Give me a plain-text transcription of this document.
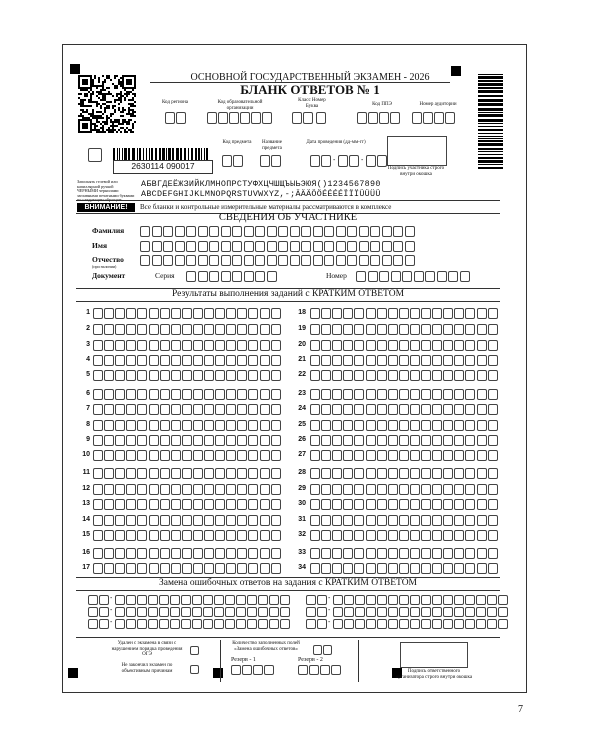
2630114 090017
ОСНОВНОЙ ГОСУДАРСТВЕННЫЙ ЭКЗАМЕН - 2026
БЛАНК ОТВЕТОВ № 1
Код региона	Код образовательной организации
Класс Номер Буква	Код ППЭ	Номер аудитории
-	-
Код предмета	Название предмета
Дата проведения (дд-мм-гг)
Подпись участника строго внутри окошка
Заполнять гелевой или капиллярной ручкой ЧЕРНЫМИ чернилами заглавными печатными буквами по следующим образцам:
АБВГДЕЁЖЗИЙКЛМНОПРСТУФХЦЧШЩЪЫЬЭЮЯ()1234567890
ABCDEFGHIJKLMNOPQRSTUVWXYZ,-;ÄÄÄÖÖÉÉÉÉÏÏÏÜÜÜÜ
ВНИМАНИЕ!	Все бланки и контрольные измерительные материалы рассматриваются в комплексе
СВЕДЕНИЯ ОБ УЧАСТНИКЕ
Фамилия
Имя
Отчество
(при наличии)
Документ	Серия	Номер
Результаты выполнения заданий с КРАТКИМ ОТВЕТОМ
1	18
2	19
3	20
4	21
5	22
6	23
7	24
8	25
9	26
10	27
11	28
12	29
13	30
14	31
15	32
16	33
17	34
Замена ошибочных ответов на задания с КРАТКИМ ОТВЕТОМ
-	-
-	-
-	-
Удален с экзамена в связи с нарушением порядка проведения ОГЭ
Не закончил экзамен по объективным причинам
Количество заполненных полей «Замена ошибочных ответов»
Резерв - 1	Резерв - 2
Подпись ответственного организатора строго внутри окошка
7
